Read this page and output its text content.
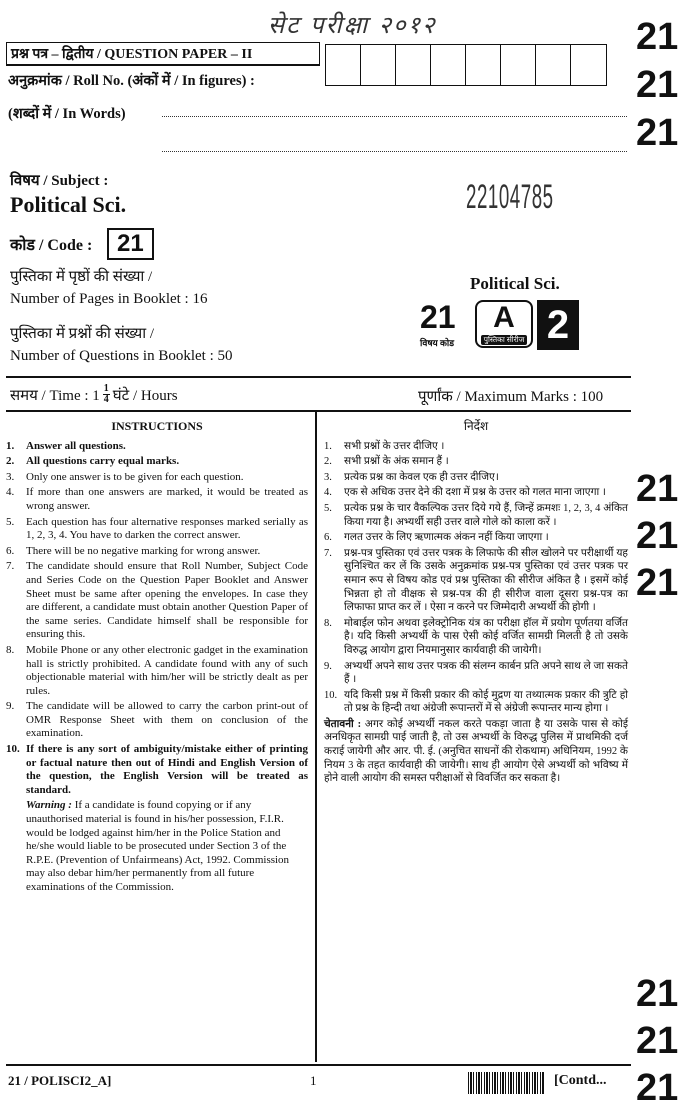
सेट परीक्षा २०१२	21
21
21
21
21
21
21
21
21
प्रश्न पत्र – द्वितीय / QUESTION PAPER – II
अनुक्रमांक / Roll No. (अंकों में / In figures) :
(शब्दों में / In Words)
विषय / Subject :
Political Sci.	22104785
कोड / Code :	21
पुस्तिका में पृष्ठों की संख्या /
Number of Pages in Booklet : 16
पुस्तिका में प्रश्नों की संख्या /
Number of Questions in Booklet : 50
Political Sci.
21
विषय कोड
A
पुस्तिका सीरीज 2
समय / Time : 1 1
4 घंटे / Hours	पूर्णांक / Maximum Marks : 100
INSTRUCTIONS
1. Answer all questions.
2. All questions carry equal marks.
3. Only one answer is to be given for each question.
4. If more than one answers are marked, it would be treated as wrong answer.
5. Each question has four alternative responses marked serially as 1, 2, 3, 4. You have to darken the correct answer.
6. There will be no negative marking for wrong answer.
7. The candidate should ensure that Roll Number, Subject Code and Series Code on the Question Paper Booklet and Answer Sheet must be same after opening the envelopes. In case they are different, a candidate must obtain another Question Paper of the same series. Candidate himself shall be responsible for ensuring this.
8. Mobile Phone or any other electronic gadget in the examination hall is strictly prohibited. A candidate found with any of such objectionable material with him/her will be strictly dealt as per rules.
9. The candidate will be allowed to carry the carbon print-out of OMR Response Sheet with them on conclusion of the examination.
10. If there is any sort of ambiguity/mistake either of printing or factual nature then out of Hindi and English Version of the question, the English Version will be treated as standard.
Warning : If a candidate is found copying or if any unauthorised material is found in his/her possession, F.I.R. would be lodged against him/her in the Police Station and he/she would liable to be prosecuted under Section 3 of the R.P.E. (Prevention of Unfairmeans) Act, 1992. Commission may also debar him/her permanently from all future examinations of the Commission.
निर्देश
1. सभी प्रश्नों के उत्तर दीजिए ।
2. सभी प्रश्नों के अंक समान हैं ।
3. प्रत्येक प्रश्न का केवल एक ही उत्तर दीजिए।
4. एक से अधिक उत्तर देने की दशा में प्रश्न के उत्तर को गलत माना जाएगा ।
5. प्रत्येक प्रश्न के चार वैकल्पिक उत्तर दिये गये हैं, जिन्हें क्रमशः 1, 2, 3, 4 अंकित किया गया है। अभ्यर्थी सही उत्तर वाले गोले को काला करें ।
6. गलत उत्तर के लिए ऋणात्मक अंकन नहीं किया जाएगा ।
7. प्रश्न-पत्र पुस्तिका एवं उत्तर पत्रक के लिफाफे की सील खोलने पर परीक्षार्थी यह सुनिश्चित कर लें कि उसके अनुक्रमांक प्रश्न-पत्र पुस्तिका एवं उत्तर पत्रक पर समान रूप से विषय कोड एवं प्रश्न पुस्तिका की सीरीज अंकित है । इसमें कोई भिन्नता हो तो वीक्षक से प्रश्न-पत्र की ही सीरीज वाला दूसरा प्रश्न-पत्र का लिफाफा प्राप्त कर लें । ऐसा न करने पर जिम्मेदारी अभ्यर्थी की होगी ।
8. मोबाईल फोन अथवा इलेक्ट्रोनिक यंत्र का परीक्षा हॉल में प्रयोग पूर्णतया वर्जित है। यदि किसी अभ्यर्थी के पास ऐसी कोई वर्जित सामग्री मिलती है तो उसके विरुद्ध आयोग द्वारा नियमानुसार कार्यवाही की जायेगी।
9. अभ्यर्थी अपने साथ उत्तर पत्रक की संलग्न कार्बन प्रति अपने साथ ले जा सकते हैं ।
10. यदि किसी प्रश्न में किसी प्रकार की कोई मुद्रण या तथ्यात्मक प्रकार की त्रुटि हो तो प्रश्न के हिन्दी तथा अंग्रेजी रूपान्तरों में से अंग्रेजी रूपान्तर मान्य होगा ।
चेतावनी : अगर कोई अभ्यर्थी नकल करते पकड़ा जाता है या उसके पास से कोई अनधिकृत सामग्री पाई जाती है, तो उस अभ्यर्थी के विरुद्ध पुलिस में प्राथमिकी दर्ज कराई जायेगी और आर. पी. ई. (अनुचित साधनों की रोकथाम) अधिनियम, 1992 के नियम 3 के तहत कार्यवाही की जायेगी। साथ ही आयोग ऐसे अभ्यर्थी को भविष्य में होने वाली आयोग की समस्त परीक्षाओं से विवर्जित कर सकता है।
21 / POLISCI2_A]	1	[Contd...
